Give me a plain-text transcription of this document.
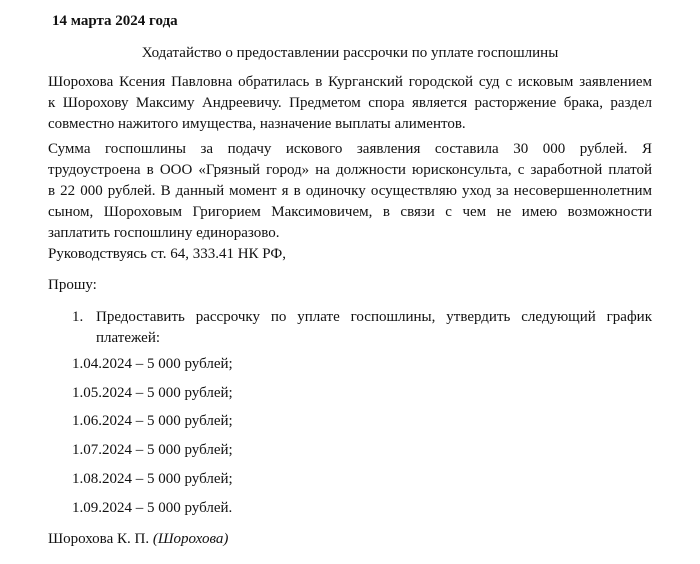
14 марта 2024 года
Ходатайство о предоставлении рассрочки по уплате госпошлины
Шорохова Ксения Павловна обратилась в Курганский городской суд с исковым заявлением
к Шорохову Максиму Андреевичу. Предметом спора является расторжение брака, раздел
совместно нажитого имущества, назначение выплаты алиментов.
Сумма госпошлины за подачу искового заявления составила 30 000 рублей. Я
трудоустроена в ООО «Грязный город» на должности юрисконсульта, с заработной платой
в 22 000 рублей. В данный момент я в одиночку осуществляю уход за несовершеннолетним
сыном, Шороховым Григорием Максимовичем, в связи с чем не имею возможности
заплатить госпошлину единоразово.
Руководствуясь ст. 64, 333.41 НК РФ,
Прошу:
1. Предоставить рассрочку по уплате госпошлины, утвердить следующий график
платежей:
1.04.2024 – 5 000 рублей;
1.05.2024 – 5 000 рублей;
1.06.2024 – 5 000 рублей;
1.07.2024 – 5 000 рублей;
1.08.2024 – 5 000 рублей;
1.09.2024 – 5 000 рублей.
Шорохова К. П. (Шорохова)
